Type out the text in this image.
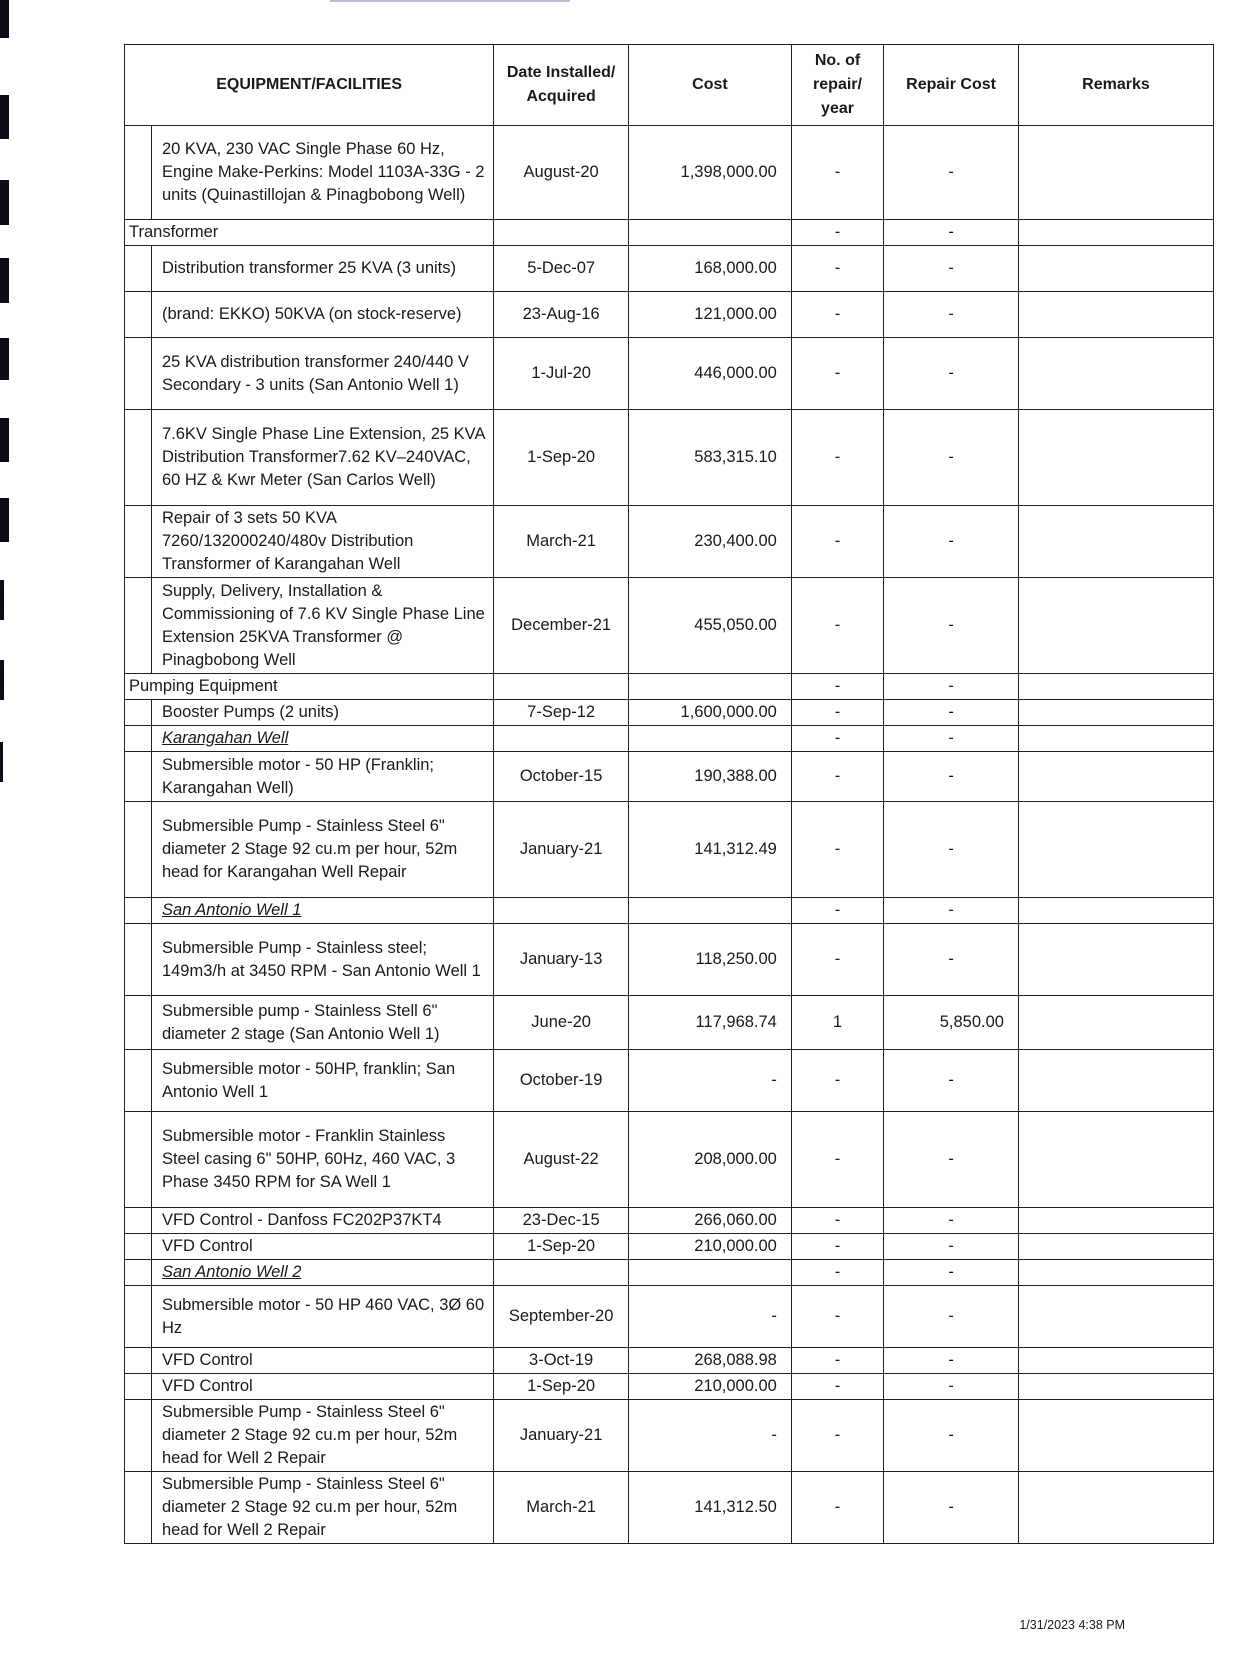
EQUIPMENT/FACILITIES		Date Installed/ Acquired	Cost	No. of repair/ year	Repair Cost	Remarks
	20 KVA, 230 VAC Single Phase 60 Hz, Engine Make-Perkins: Model 1103A-33G - 2 units (Quinastillojan & Pinagbobong Well)	August-20	1,398,000.00	-	-	
Transformer				-	-	
	Distribution transformer 25 KVA (3 units)	5-Dec-07	168,000.00	-	-	
	(brand: EKKO) 50KVA (on stock-reserve)	23-Aug-16	121,000.00	-	-	
	25 KVA distribution transformer 240/440 V Secondary - 3 units (San Antonio Well 1)	1-Jul-20	446,000.00	-	-	
	7.6KV Single Phase Line Extension, 25 KVA Distribution Transformer7.62 KV–240VAC, 60 HZ & Kwr Meter (San Carlos Well)	1-Sep-20	583,315.10	-	-	
	Repair of 3 sets 50 KVA 7260/132000240/480v Distribution Transformer of Karangahan Well	March-21	230,400.00	-	-	
	Supply, Delivery, Installation & Commissioning of 7.6 KV Single Phase Line Extension 25KVA Transformer @ Pinagbobong Well	December-21	455,050.00	-	-	
Pumping Equipment				-	-	
	Booster Pumps (2 units)	7-Sep-12	1,600,000.00	-	-	
	Karangahan Well			-	-	
	Submersible motor - 50 HP (Franklin; Karangahan Well)	October-15	190,388.00	-	-	
	Submersible Pump - Stainless Steel 6" diameter 2 Stage 92 cu.m per hour, 52m head for Karangahan Well Repair	January-21	141,312.49	-	-	
	San Antonio Well 1			-	-	
	Submersible Pump - Stainless steel; 149m3/h at 3450 RPM - San Antonio Well 1	January-13	118,250.00	-	-	
	Submersible pump - Stainless Stell 6" diameter 2 stage (San Antonio Well 1)	June-20	117,968.74	1	5,850.00	
	Submersible motor - 50HP, franklin; San Antonio Well 1	October-19	-	-	-	
	Submersible motor - Franklin Stainless Steel casing 6" 50HP, 60Hz, 460 VAC, 3 Phase 3450 RPM for SA Well 1	August-22	208,000.00	-	-	
	VFD Control - Danfoss FC202P37KT4	23-Dec-15	266,060.00	-	-	
	VFD Control	1-Sep-20	210,000.00	-	-	
	San Antonio Well 2			-	-	
	Submersible motor - 50 HP 460 VAC, 3Ø 60 Hz	September-20	-	-	-	
	VFD Control	3-Oct-19	268,088.98	-	-	
	VFD Control	1-Sep-20	210,000.00	-	-	
	Submersible Pump - Stainless Steel 6" diameter 2 Stage 92 cu.m per hour, 52m head for Well 2 Repair	January-21	-	-	-	
	Submersible Pump - Stainless Steel 6" diameter 2 Stage 92 cu.m per hour, 52m head for Well 2 Repair	March-21	141,312.50	-	-	
1/31/2023 4:38 PM
